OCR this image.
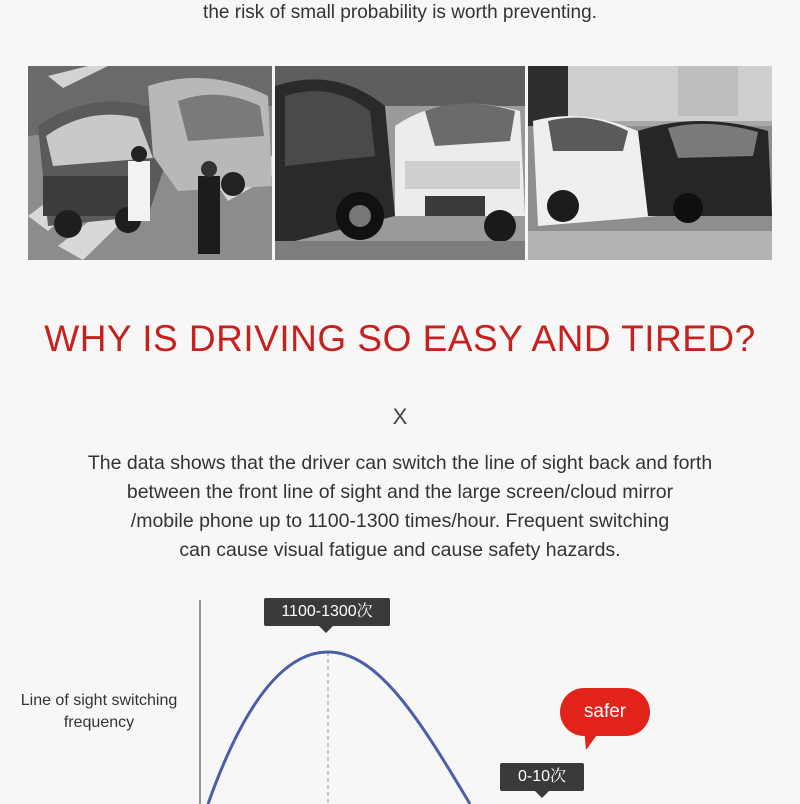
the risk of small probability is worth preventing.
WHY IS DRIVING SO EASY AND TIRED?
X
The data shows that the driver can switch the line of sight back and forth
between the front line of sight and the large screen/cloud mirror
/mobile phone up to 1100-1300 times/hour. Frequent switching
can cause visual fatigue and cause safety hazards.
Line of sight switching
frequency
1100-1300次
safer
0-10次
